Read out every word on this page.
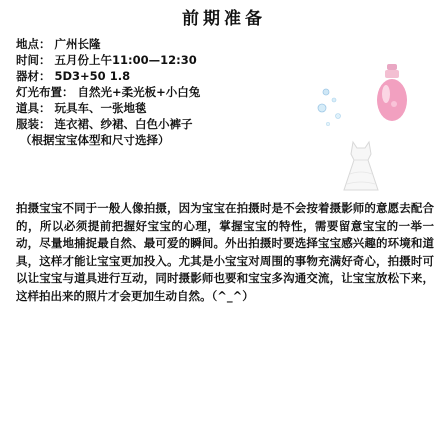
前期准备
地点： 广州长隆
时间： 五月份上午11:00—12:30
器材： 5D3+50 1.8
灯光布置： 自然光+柔光板+小白兔
道具： 玩具车、一张地毯
服装： 连衣裙、纱裙、白色小裤子
（根据宝宝体型和尺寸选择）
拍摄宝宝不同于一般人像拍摄，因为宝宝在拍摄时是不会按着摄影师的意愿去配合的，所以必须提前把握好宝宝的心理，掌握宝宝的特性，需要留意宝宝的一举一动，尽量地捕捉最自然、最可爱的瞬间。外出拍摄时要选择宝宝感兴趣的环境和道具，这样才能让宝宝更加投入。尤其是小宝宝对周围的事物充满好奇心，拍摄时可以让宝宝与道具进行互动，同时摄影师也要和宝宝多沟通交流，让宝宝放松下来，这样拍出来的照片才会更加生动自然。（^_^）
